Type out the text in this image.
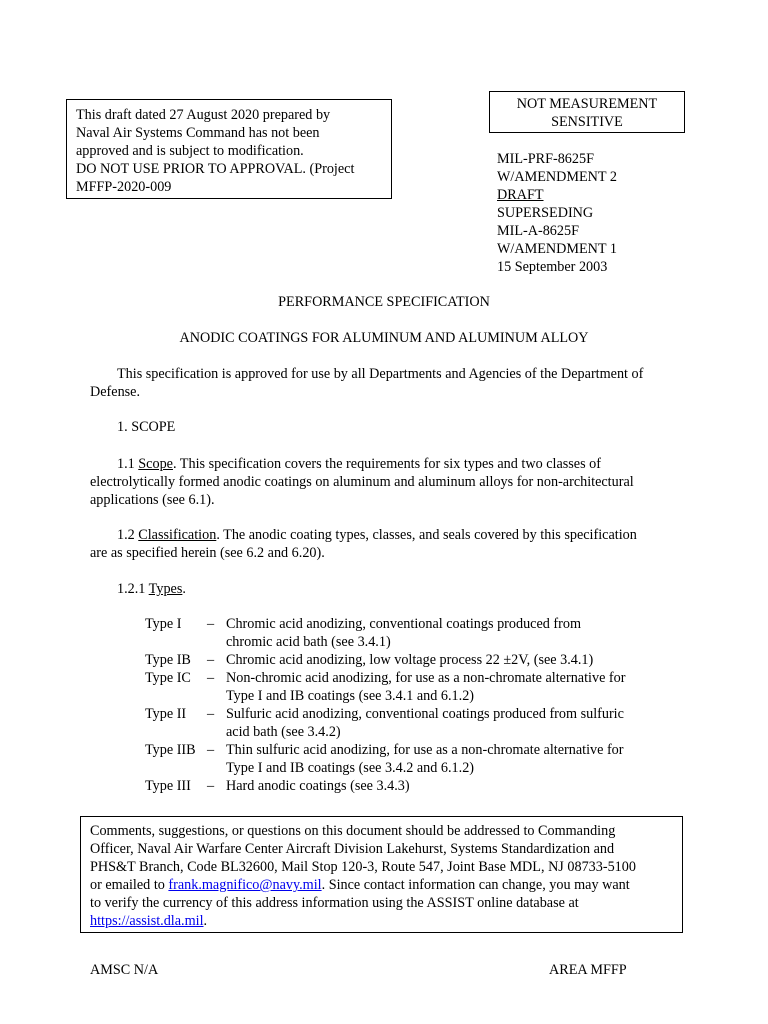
This draft dated 27 August 2020 prepared by
Naval Air Systems Command has not been
approved and is subject to modification.
DO NOT USE PRIOR TO APPROVAL. (Project
MFFP-2020-009
NOT MEASUREMENT
SENSITIVE
MIL-PRF-8625F
W/AMENDMENT 2
DRAFT
SUPERSEDING
MIL-A-8625F
W/AMENDMENT 1
15 September 2003
PERFORMANCE SPECIFICATION
ANODIC COATINGS FOR ALUMINUM AND ALUMINUM ALLOY
This specification is approved for use by all Departments and Agencies of the Department of
Defense.
1. SCOPE
1.1 Scope. This specification covers the requirements for six types and two classes of
electrolytically formed anodic coatings on aluminum and aluminum alloys for non-architectural
applications (see 6.1).
1.2 Classification. The anodic coating types, classes, and seals covered by this specification
are as specified herein (see 6.2 and 6.20).
1.2.1 Types.
Type I	– Chromic acid anodizing, conventional coatings produced from
chromic acid bath (see 3.4.1)
Type IB	– Chromic acid anodizing, low voltage process 22 ±2V, (see 3.4.1)
Type IC	– Non-chromic acid anodizing, for use as a non-chromate alternative for
Type I and IB coatings (see 3.4.1 and 6.1.2)
Type II	– Sulfuric acid anodizing, conventional coatings produced from sulfuric
acid bath (see 3.4.2)
Type IIB – Thin sulfuric acid anodizing, for use as a non-chromate alternative for
Type I and IB coatings (see 3.4.2 and 6.1.2)
Type III	– Hard anodic coatings (see 3.4.3)
Comments, suggestions, or questions on this document should be addressed to Commanding
Officer, Naval Air Warfare Center Aircraft Division Lakehurst, Systems Standardization and
PHS&T Branch, Code BL32600, Mail Stop 120-3, Route 547, Joint Base MDL, NJ 08733-5100
or emailed to frank.magnifico@navy.mil. Since contact information can change, you may want
to verify the currency of this address information using the ASSIST online database at
https://assist.dla.mil.
AMSC N/A	AREA MFFP
